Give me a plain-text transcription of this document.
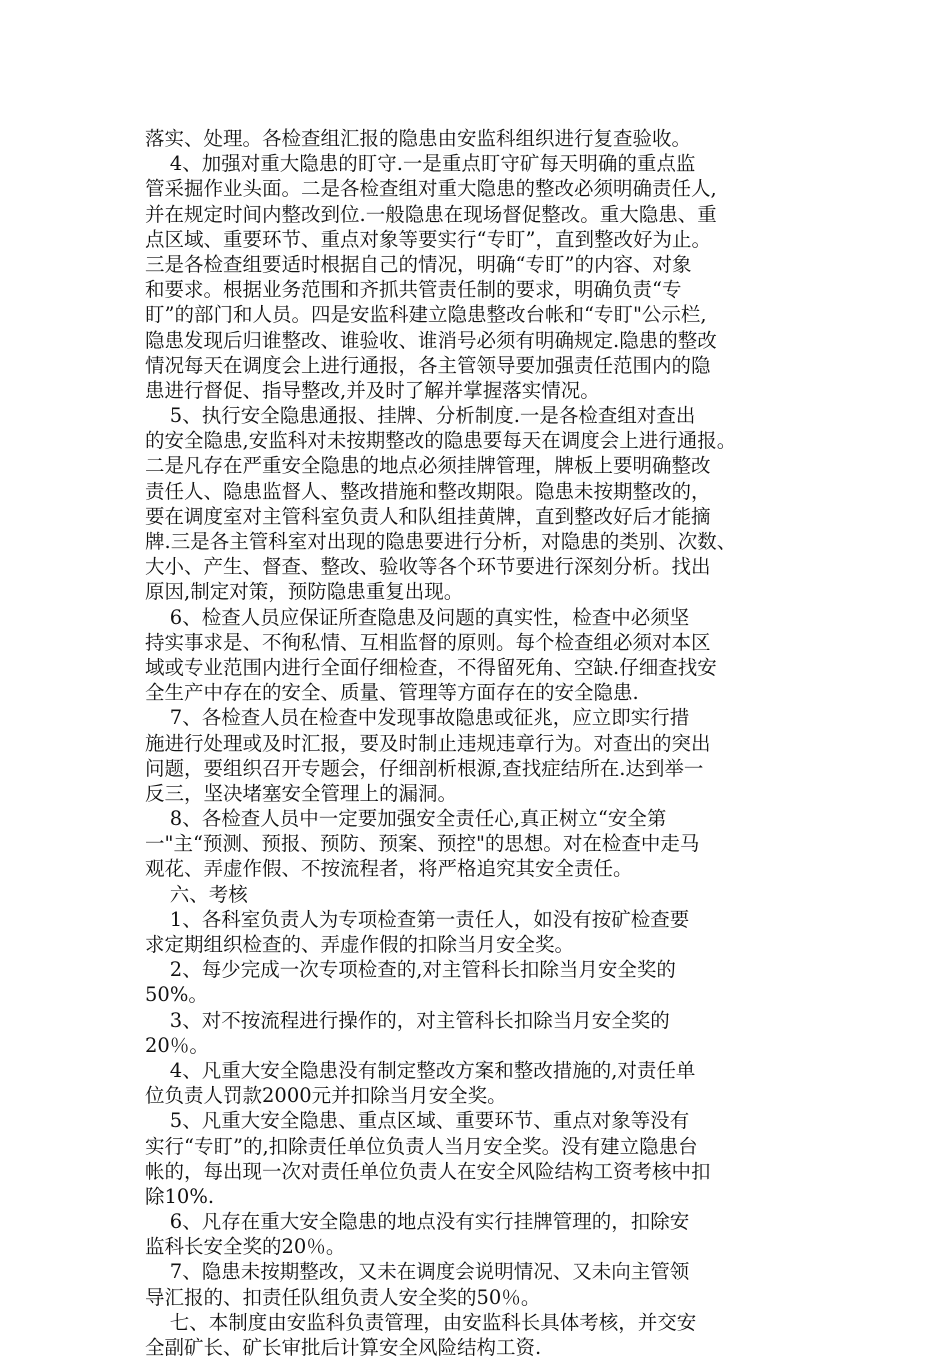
落实、处理。各检查组汇报的隐患由安监科组织进行复查验收。
4、加强对重大隐患的盯守.一是重点盯守矿每天明确的重点监
管采掘作业头面。二是各检查组对重大隐患的整改必须明确责任人,
并在规定时间内整改到位.一般隐患在现场督促整改。重大隐患、重
点区域、重要环节、重点对象等要实行“专盯”，直到整改好为止。
三是各检查组要适时根据自己的情况，明确“专盯”的内容、对象
和要求。根据业务范围和齐抓共管责任制的要求，明确负责“专
盯”的部门和人员。四是安监科建立隐患整改台帐和“专盯"公示栏,
隐患发现后归谁整改、谁验收、谁消号必须有明确规定.隐患的整改
情况每天在调度会上进行通报，各主管领导要加强责任范围内的隐
患进行督促、指导整改,并及时了解并掌握落实情况。
5、执行安全隐患通报、挂牌、分析制度.一是各检查组对查出
的安全隐患,安监科对未按期整改的隐患要每天在调度会上进行通报。
二是凡存在严重安全隐患的地点必须挂牌管理，牌板上要明确整改
责任人、隐患监督人、整改措施和整改期限。隐患未按期整改的，
要在调度室对主管科室负责人和队组挂黄牌，直到整改好后才能摘
牌.三是各主管科室对出现的隐患要进行分析，对隐患的类别、次数、
大小、产生、督查、整改、验收等各个环节要进行深刻分析。找出
原因,制定对策，预防隐患重复出现。
6、检查人员应保证所查隐患及问题的真实性，检查中必须坚
持实事求是、不徇私情、互相监督的原则。每个检查组必须对本区
域或专业范围内进行全面仔细检查，不得留死角、空缺.仔细查找安
全生产中存在的安全、质量、管理等方面存在的安全隐患.
7、各检查人员在检查中发现事故隐患或征兆，应立即实行措
施进行处理或及时汇报，要及时制止违规违章行为。对查出的突出
问题，要组织召开专题会，仔细剖析根源,查找症结所在.达到举一
反三，坚决堵塞安全管理上的漏洞。
8、各检查人员中一定要加强安全责任心,真正树立“安全第
一"主“预测、预报、预防、预案、预控"的思想。对在检查中走马
观花、弄虚作假、不按流程者，将严格追究其安全责任。
六、考核
1、各科室负责人为专项检查第一责任人，如没有按矿检查要
求定期组织检查的、弄虚作假的扣除当月安全奖。
2、每少完成一次专项检查的,对主管科长扣除当月安全奖的
50%。
3、对不按流程进行操作的，对主管科长扣除当月安全奖的
20％。
4、凡重大安全隐患没有制定整改方案和整改措施的,对责任单
位负责人罚款2000元并扣除当月安全奖。
5、凡重大安全隐患、重点区域、重要环节、重点对象等没有
实行“专盯”的,扣除责任单位负责人当月安全奖。没有建立隐患台
帐的，每出现一次对责任单位负责人在安全风险结构工资考核中扣
除10%.
6、凡存在重大安全隐患的地点没有实行挂牌管理的，扣除安
监科长安全奖的20％。
7、隐患未按期整改，又未在调度会说明情况、又未向主管领
导汇报的、扣责任队组负责人安全奖的50％。
七、本制度由安监科负责管理，由安监科长具体考核，并交安
全副矿长、矿长审批后计算安全风险结构工资.
